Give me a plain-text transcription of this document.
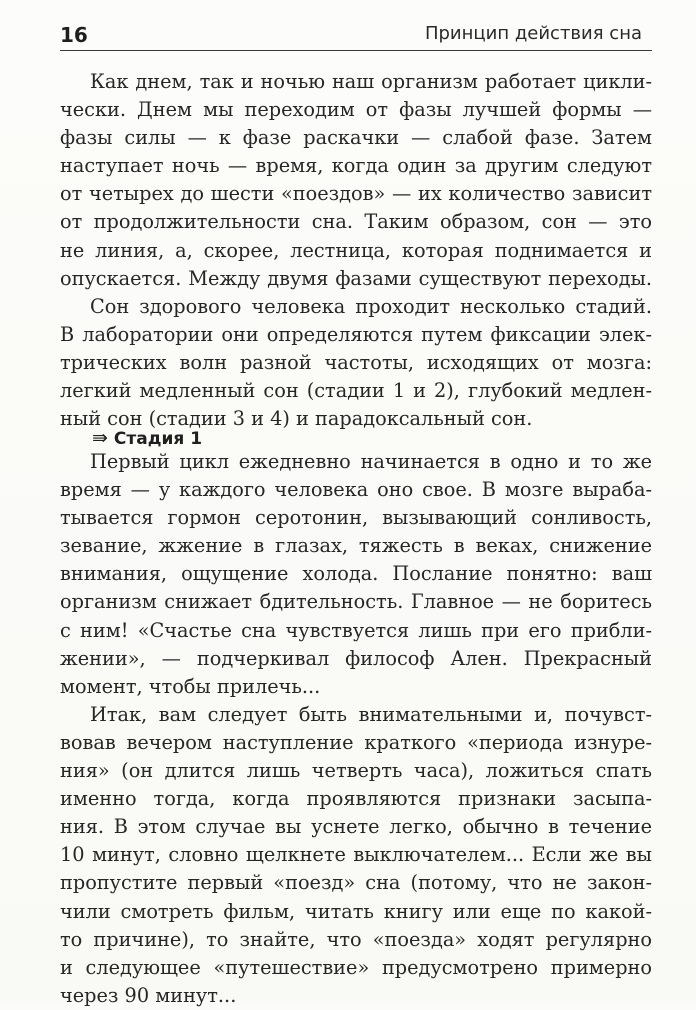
16	Принцип действия сна
Как днем, так и ночью наш организм работает цикли-
чески. Днем мы переходим от фазы лучшей формы —
фазы силы — к фазе раскачки — слабой фазе. Затем
наступает ночь — время, когда один за другим следуют
от четырех до шести «поездов» — их количество зависит
от продолжительности сна. Таким образом, сон — это
не линия, а, скорее, лестница, которая поднимается и
опускается. Между двумя фазами существуют переходы.
Сон здорового человека проходит несколько стадий.
В лаборатории они определяются путем фиксации элек-
трических волн разной частоты, исходящих от мозга:
легкий медленный сон (стадии 1 и 2), глубокий медлен-
ный сон (стадии 3 и 4) и парадоксальный сон.
⇛ Стадия 1
Первый цикл ежедневно начинается в одно и то же
время — у каждого человека оно свое. В мозге выраба-
тывается гормон серотонин, вызывающий сонливость,
зевание, жжение в глазах, тяжесть в веках, снижение
внимания, ощущение холода. Послание понятно: ваш
организм снижает бдительность. Главное — не боритесь
с ним! «Счастье сна чувствуется лишь при его прибли-
жении», — подчеркивал философ Ален. Прекрасный
момент, чтобы прилечь...
Итак, вам следует быть внимательными и, почувст-
вовав вечером наступление краткого «периода изнуре-
ния» (он длится лишь четверть часа), ложиться спать
именно тогда, когда проявляются признаки засыпа-
ния. В этом случае вы уснете легко, обычно в течение
10 минут, словно щелкнете выключателем... Если же вы
пропустите первый «поезд» сна (потому, что не закон-
чили смотреть фильм, читать книгу или еще по какой-
то причине), то знайте, что «поезда» ходят регулярно
и следующее «путешествие» предусмотрено примерно
через 90 минут...
